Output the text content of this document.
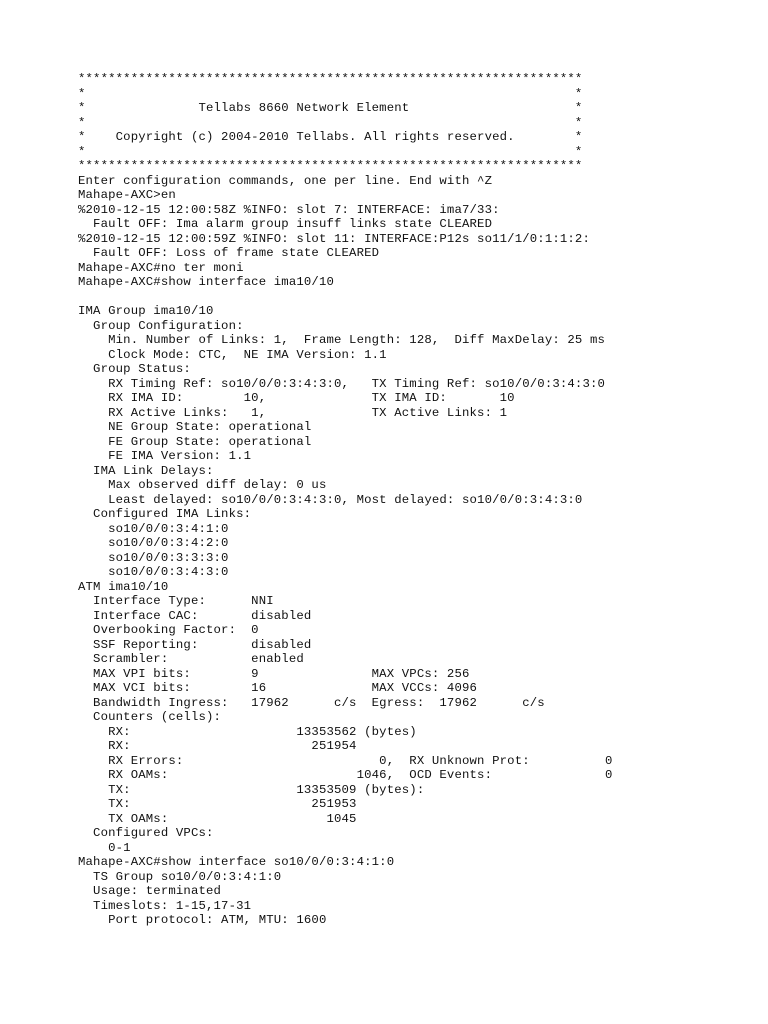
*******************************************************************
*                                                                 *
*               Tellabs 8660 Network Element                      *
*                                                                 *
*    Copyright (c) 2004-2010 Tellabs. All rights reserved.        *
*                                                                 *
*******************************************************************
Enter configuration commands, one per line. End with ^Z
Mahape-AXC>en
%2010-12-15 12:00:58Z %INFO: slot 7: INTERFACE: ima7/33:
Fault OFF: Ima alarm group insuff links state CLEARED
%2010-12-15 12:00:59Z %INFO: slot 11: INTERFACE:P12s so11/1/0:1:1:2:
Fault OFF: Loss of frame state CLEARED
Mahape-AXC#no ter moni
Mahape-AXC#show interface ima10/10
IMA Group ima10/10
Group Configuration:
Min. Number of Links: 1,  Frame Length: 128,  Diff MaxDelay: 25 ms
Clock Mode: CTC,  NE IMA Version: 1.1
Group Status:
RX Timing Ref: so10/0/0:3:4:3:0,   TX Timing Ref: so10/0/0:3:4:3:0
RX IMA ID:        10,              TX IMA ID:       10
RX Active Links:   1,              TX Active Links: 1
NE Group State: operational
FE Group State: operational
FE IMA Version: 1.1
IMA Link Delays:
Max observed diff delay: 0 us
Least delayed: so10/0/0:3:4:3:0, Most delayed: so10/0/0:3:4:3:0
Configured IMA Links:
so10/0/0:3:4:1:0
so10/0/0:3:4:2:0
so10/0/0:3:3:3:0
so10/0/0:3:4:3:0
ATM ima10/10
Interface Type:      NNI
Interface CAC:       disabled
Overbooking Factor:  0
SSF Reporting:       disabled
Scrambler:           enabled
MAX VPI bits:        9               MAX VPCs: 256
MAX VCI bits:        16              MAX VCCs: 4096
Bandwidth Ingress:   17962      c/s  Egress:  17962      c/s
Counters (cells):
RX:                      13353562 (bytes)
RX:                        251954
RX Errors:                          0,  RX Unknown Prot:          0
RX OAMs:                         1046,  OCD Events:               0
TX:                      13353509 (bytes):
TX:                        251953
TX OAMs:                     1045
Configured VPCs:
0-1
Mahape-AXC#show interface so10/0/0:3:4:1:0
TS Group so10/0/0:3:4:1:0
Usage: terminated
Timeslots: 1-15,17-31
Port protocol: ATM, MTU: 1600
